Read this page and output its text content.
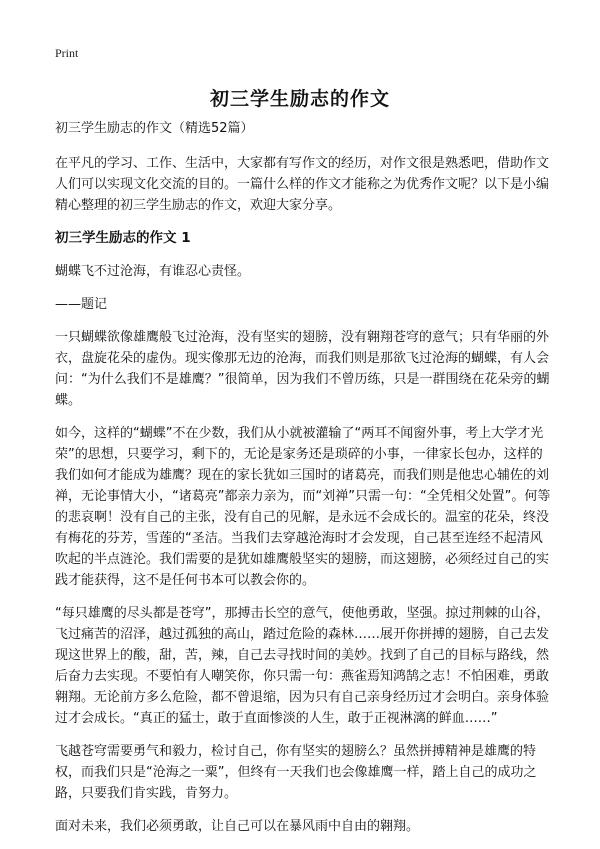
Print
初三学生励志的作文

初三学生励志的作文（精选52篇）

在平凡的学习、工作、生活中，大家都有写作文的经历，对作文很是熟悉吧，借助作文人们可以实现文化交流的目的。一篇什么样的作文才能称之为优秀作文呢？以下是小编精心整理的初三学生励志的作文，欢迎大家分享。

初三学生励志的作文 1

蝴蝶飞不过沧海，有谁忍心责怪。

——题记

一只蝴蝶欲像雄鹰般飞过沧海，没有坚实的翅膀，没有翱翔苍穹的意气；只有华丽的外衣，盘旋花朵的虚伪。现实像那无边的沧海，而我们则是那欲飞过沧海的蝴蝶，有人会问：“为什么我们不是雄鹰？”很简单，因为我们不曾历练，只是一群围绕在花朵旁的蝴蝶。

如今，这样的“蝴蝶”不在少数，我们从小就被灌输了“两耳不闻窗外事，考上大学才光荣”的思想，只要学习，剩下的，无论是家务还是琐碎的小事，一律家长包办，这样的我们如何才能成为雄鹰？现在的家长犹如三国时的诸葛亮，而我们则是他忠心辅佐的刘禅，无论事情大小，“诸葛亮”都亲力亲为，而“刘禅”只需一句：“全凭相父处置”。何等的悲哀啊！没有自己的主张，没有自己的见解，是永远不会成长的。温室的花朵，终没有梅花的芬芳，雪莲的“圣洁。当我们去穿越沧海时才会发现，自己甚至连经不起清风吹起的半点涟沦。我们需要的是犹如雄鹰般坚实的翅膀，而这翅膀，必须经过自己的实践才能获得，这不是任何书本可以教会你的。

“每只雄鹰的尽头都是苍穹”，那搏击长空的意气，使他勇敢，坚强。掠过荆棘的山谷，飞过痛苦的沼泽，越过孤独的高山，踏过危险的森林……展开你拼搏的翅膀，自己去发现这世界上的酸，甜，苦，辣，自己去寻找时间的美妙。找到了自己的目标与路线，然后奋力去实现。不要怕有人嘲笑你，你只需一句：燕雀焉知鸿鹄之志！不怕困难，勇敢翱翔。无论前方多么危险，都不曾退缩，因为只有自己亲身经历过才会明白。亲身体验过才会成长。“真正的猛士，敢于直面惨淡的人生，敢于正视淋漓的鲜血……”

飞越苍穹需要勇气和毅力，检讨自己，你有坚实的翅膀么？虽然拼搏精神是雄鹰的特权，而我们只是“沧海之一粟”，但终有一天我们也会像雄鹰一样，踏上自己的成功之路，只要我们肯实践，肯努力。

面对未来，我们必须勇敢，让自己可以在暴风雨中自由的翱翔。
